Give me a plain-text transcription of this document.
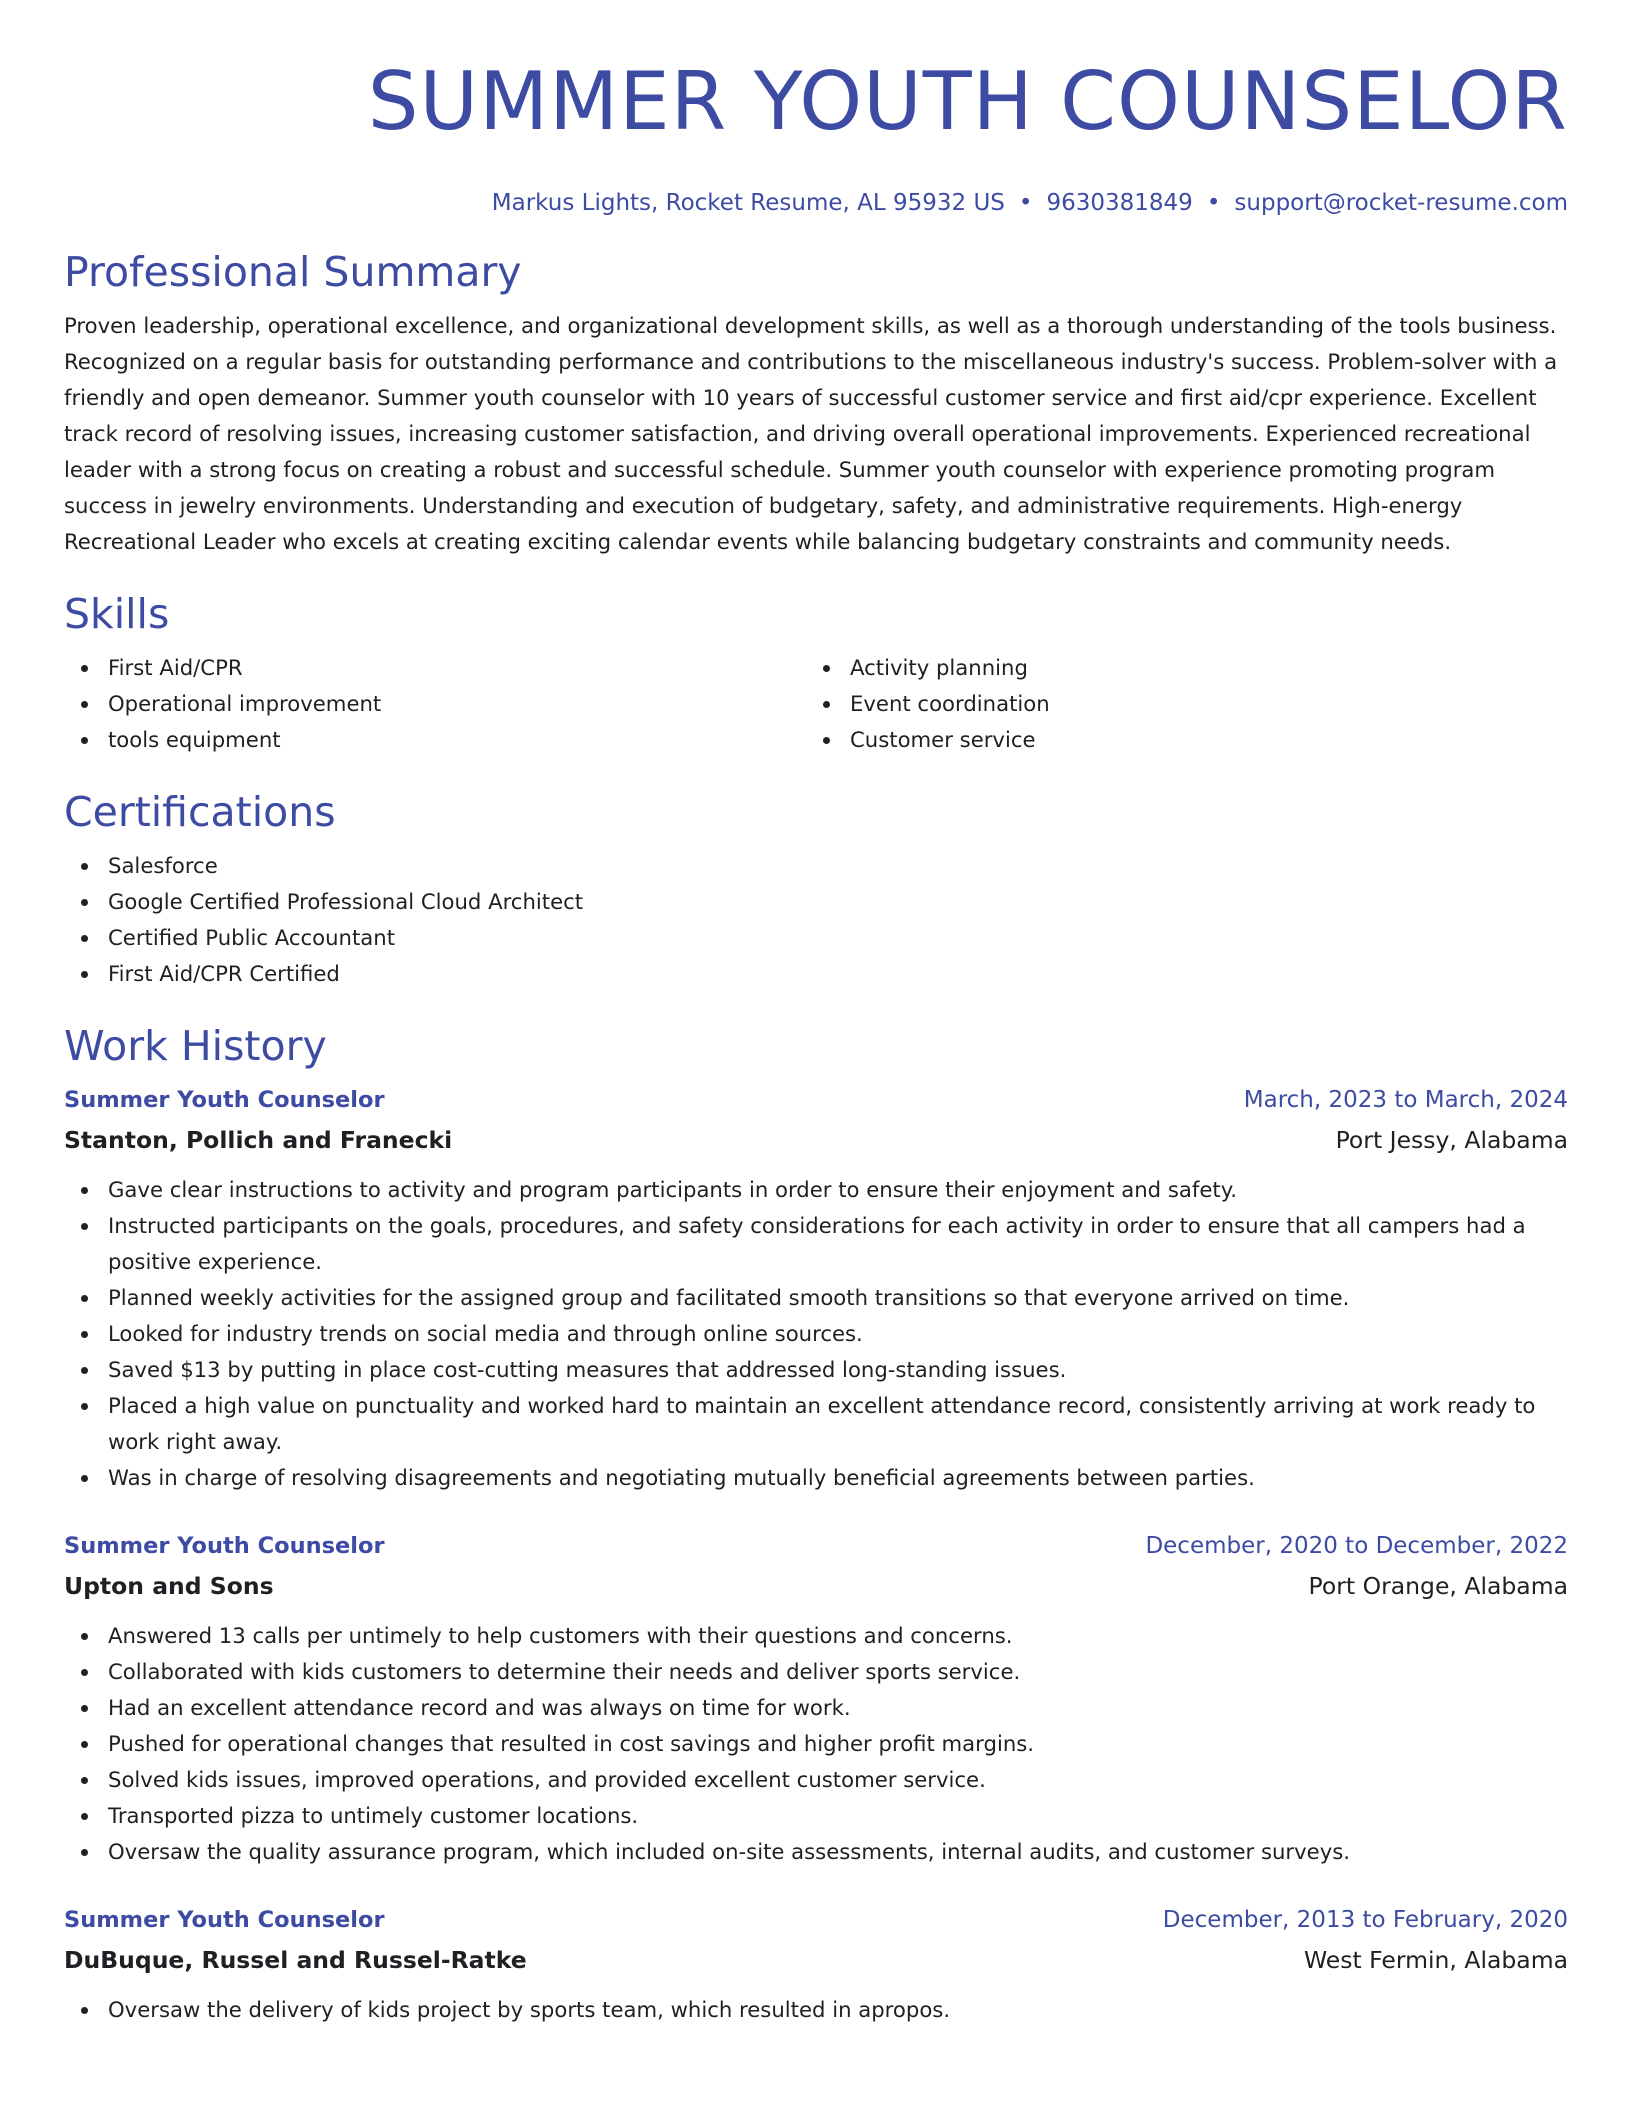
SUMMER YOUTH COUNSELOR
Markus Lights, Rocket Resume, AL 95932 US • 9630381849 • support@rocket-resume.com
Professional Summary

Proven leadership, operational excellence, and organizational development skills, as well as a thorough understanding of the tools business. Recognized on a regular basis for outstanding performance and contributions to the miscellaneous industry's success. Problem-solver with a friendly and open demeanor. Summer youth counselor with 10 years of successful customer service and first aid/cpr experience. Excellent track record of resolving issues, increasing customer satisfaction, and driving overall operational improvements. Experienced recreational leader with a strong focus on creating a robust and successful schedule. Summer youth counselor with experience promoting program success in jewelry environments. Understanding and execution of budgetary, safety, and administrative requirements. High-energy Recreational Leader who excels at creating exciting calendar events while balancing budgetary constraints and community needs.

Skills
First Aid/CPR
Operational improvement
tools equipment
Activity planning
Event coordination
Customer service
Certifications
Salesforce
Google Certified Professional Cloud Architect
Certified Public Accountant
First Aid/CPR Certified
Work History
Summer Youth Counselor	March, 2023 to March, 2024
Stanton, Pollich and Franecki	Port Jessy, Alabama
Gave clear instructions to activity and program participants in order to ensure their enjoyment and safety.
Instructed participants on the goals, procedures, and safety considerations for each activity in order to ensure that all campers had a positive experience.
Planned weekly activities for the assigned group and facilitated smooth transitions so that everyone arrived on time.
Looked for industry trends on social media and through online sources.
Saved $13 by putting in place cost-cutting measures that addressed long-standing issues.
Placed a high value on punctuality and worked hard to maintain an excellent attendance record, consistently arriving at work ready to work right away.
Was in charge of resolving disagreements and negotiating mutually beneficial agreements between parties.
Summer Youth Counselor	December, 2020 to December, 2022
Upton and Sons	Port Orange, Alabama
Answered 13 calls per untimely to help customers with their questions and concerns.
Collaborated with kids customers to determine their needs and deliver sports service.
Had an excellent attendance record and was always on time for work.
Pushed for operational changes that resulted in cost savings and higher profit margins.
Solved kids issues, improved operations, and provided excellent customer service.
Transported pizza to untimely customer locations.
Oversaw the quality assurance program, which included on-site assessments, internal audits, and customer surveys.
Summer Youth Counselor	December, 2013 to February, 2020
DuBuque, Russel and Russel-Ratke	West Fermin, Alabama
Oversaw the delivery of kids project by sports team, which resulted in apropos.
